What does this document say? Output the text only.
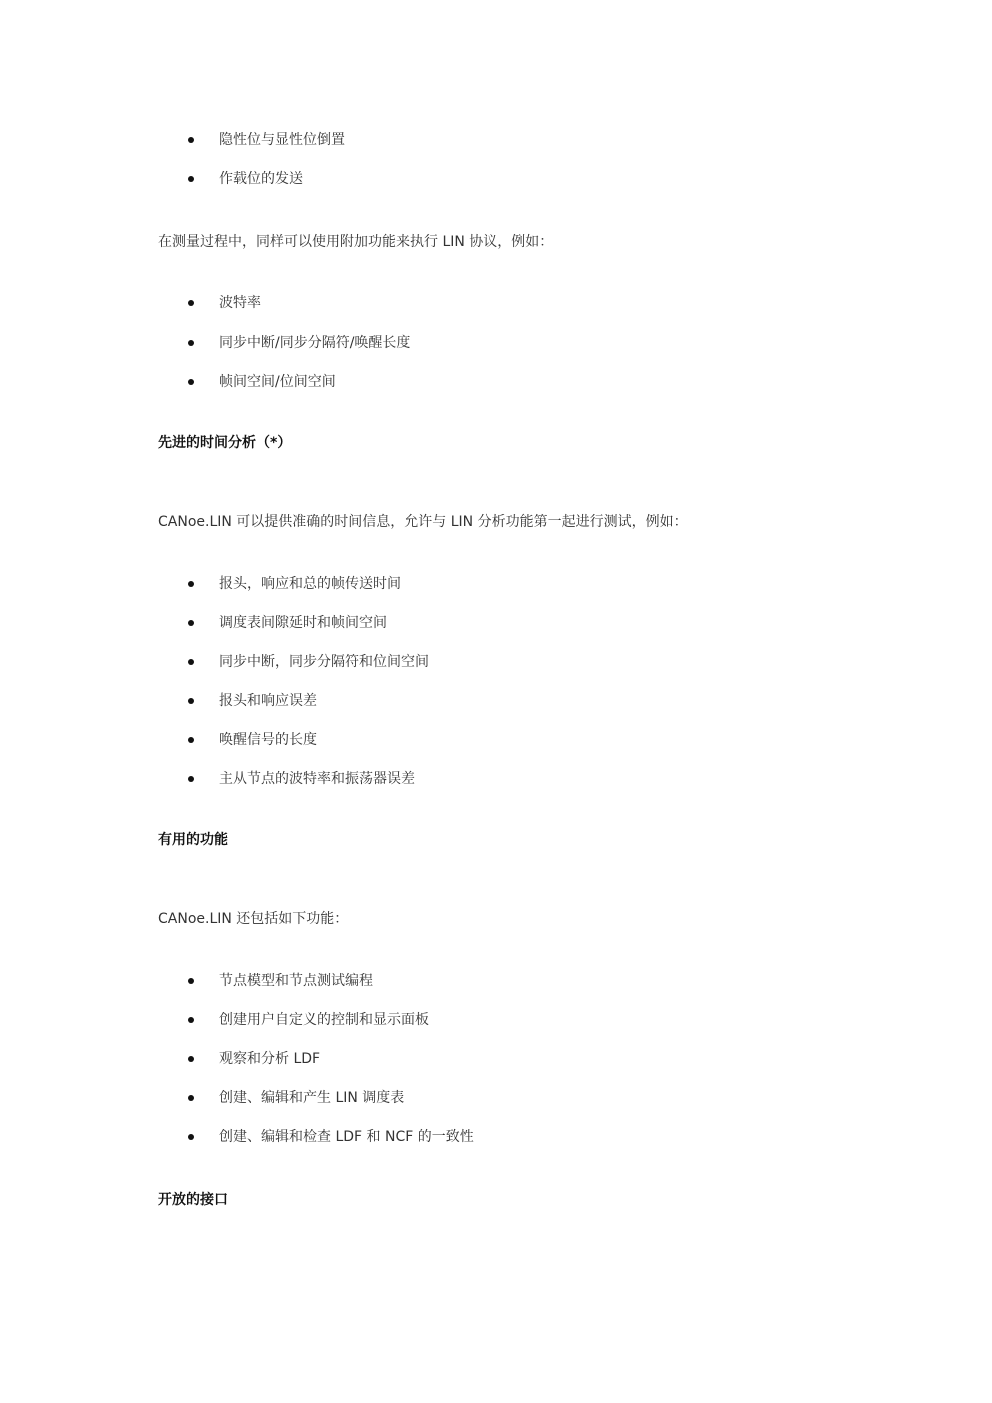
隐性位与显性位倒置
作载位的发送
在测量过程中，同样可以使用附加功能来执行 LIN 协议，例如：
波特率
同步中断/同步分隔符/唤醒长度
帧间空间/位间空间
先进的时间分析（*）
CANoe.LIN 可以提供准确的时间信息，允许与 LIN 分析功能第一起进行测试，例如：
报头，响应和总的帧传送时间
调度表间隙延时和帧间空间
同步中断，同步分隔符和位间空间
报头和响应误差
唤醒信号的长度
主从节点的波特率和振荡器误差
有用的功能
CANoe.LIN 还包括如下功能：
节点模型和节点测试编程
创建用户自定义的控制和显示面板
观察和分析 LDF
创建、编辑和产生 LIN 调度表
创建、编辑和检查 LDF 和 NCF 的一致性
开放的接口
